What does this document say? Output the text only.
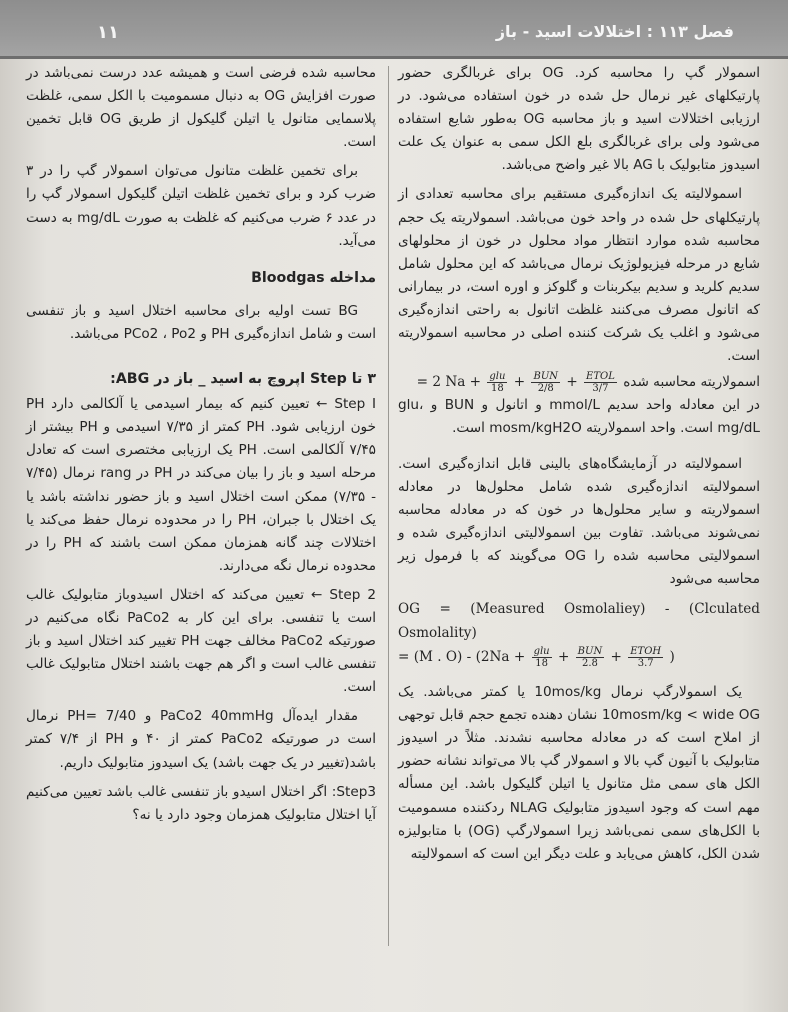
۱۱	فصل ۱۱۳ : اختلالات اسید - باز

اسمولار گپ را محاسبه کرد. OG برای غربالگری حضور پارتیکلهای غیر نرمال حل شده در خون استفاده می‌شود. در ارزیابی اختلالات اسید و باز محاسبه OG به‌طور شایع استفاده می‌شود ولی برای غربالگری بلع الکل سمی به عنوان یک علت اسیدوز متابولیک با AG بالا غیر واضح می‌باشد.

اسمولالیته یک اندازه‌گیری مستقیم برای محاسبه تعدادی از پارتیکلهای حل شده در واحد خون می‌باشد. اسمولاریته یک حجم محاسبه شده موارد انتظار مواد محلول در خون از محلولهای شایع در مرحله فیزیولوژیک نرمال می‌باشد که این محلول شامل سدیم کلرید و سدیم بیکربنات و گلوکز و اوره است، در بیمارانی که اتانول مصرف می‌کنند غلظت اتانول به راحتی اندازه‌گیری می‌شود و اغلب یک شرکت کننده اصلی در محاسبه اسمولاریته است.

اسمولاریته محاسبه شده = 2 $Na + \frac{\text{glu}}{18} + \frac{\text{BUN}}{2/8} + \frac{\text{ETOL}}{3/7}$

در این معادله واحد سدیم mmol/L و اتانول و BUN و glu، mg/dL است. واحد اسمولاریته mosm/kgH2O است.

اسمولالیته در آزمایشگاه‌های بالینی قابل اندازه‌گیری است. اسمولالیته اندازه‌گیری شده شامل محلول‌ها در معادله اسمولاریته و سایر محلول‌ها در خون که در معادله محاسبه نمی‌شوند می‌باشد. تفاوت بین اسمولالیتی اندازه‌گیری شده و اسمولالیتی محاسبه شده را OG می‌گویند که با فرمول زیر محاسبه می‌شود

OG = (Measured Osmolaliey) - (Clculated Osmolality)
= (M . $O) - (2Na + \frac{\text{glu}}{18} + \frac{\text{BUN}}{2.8} + \frac{\text{ETOH}}{3.7}$ )

یک اسمولارگپ نرمال 10mos/kg یا کمتر می‌باشد. یک 10mosm/kg < wide OG نشان دهنده تجمع حجم قابل توجهی از املاح است که در معادله محاسبه نشدند. مثلاً در اسیدوز متابولیک با آنیون گپ بالا و اسمولار گپ بالا می‌تواند نشانه حضور الکل های سمی مثل متانول یا اتیلن گلیکول باشد. این مسأله مهم است که وجود اسیدوز متابولیک NLAG ردکننده مسمومیت با الکل‌های سمی نمی‌باشد زیرا اسمولارگپ (OG) با متابولیزه شدن الکل، کاهش می‌یابد و علت دیگر این است که اسمولالیته

محاسبه شده فرضی است و همیشه عدد درست نمی‌باشد در صورت افزایش OG به دنبال مسمومیت با الکل سمی، غلظت پلاسمایی متانول یا اتیلن گلیکول از طریق OG قابل تخمین است.

برای تخمین غلظت متانول می‌توان اسمولار گپ را در ۳ ضرب کرد و برای تخمین غلظت اتیلن گلیکول اسمولار گپ را در عدد ۶ ضرب می‌کنیم که غلظت به صورت mg/dL به دست می‌آید.

مداخله Bloodgas

BG تست اولیه برای محاسبه اختلال اسید و باز تنفسی است و شامل اندازه‌گیری PH و PCo2 ، Po2 می‌باشد.

۳ تا Step اپروچ به اسید _ باز در ABG:

Step I ← تعیین کنیم که بیمار اسیدمی یا آلکالمی دارد PH خون ارزیابی شود. PH کمتر از ۷/۳۵ اسیدمی و PH بیشتر از ۷/۴۵ آلکالمی است. PH یک ارزیابی مختصری است که تعادل مرحله اسید و باز را بیان می‌کند در PH در rang نرمال (۷/۴۵ - ۷/۳۵) ممکن است اختلال اسید و باز حضور نداشته باشد یا یک اختلال با جبران، PH را در محدوده نرمال حفظ می‌کند یا اختلالات چند گانه همزمان ممکن است باشند که PH را در محدوده نرمال نگه می‌دارند.

Step 2 ← تعیین می‌کند که اختلال اسیدوباز متابولیک غالب است یا تنفسی. برای این کار به PaCo2 نگاه می‌کنیم در صورتیکه PaCo2 مخالف جهت PH تغییر کند اختلال اسید و باز تنفسی غالب است و اگر هم جهت باشند اختلال متابولیک غالب است.

مقدار ایده‌آل PaCo2 40mmHg و PH= 7/40 نرمال است در صورتیکه PaCo2 کمتر از ۴۰ و PH از ۷/۴ کمتر باشد(تغییر در یک جهت باشد) یک اسیدوز متابولیک داریم.

Step3: اگر اختلال اسیدو باز تنفسی غالب باشد تعیین می‌کنیم آیا اختلال متابولیک همزمان وجود دارد یا نه؟
